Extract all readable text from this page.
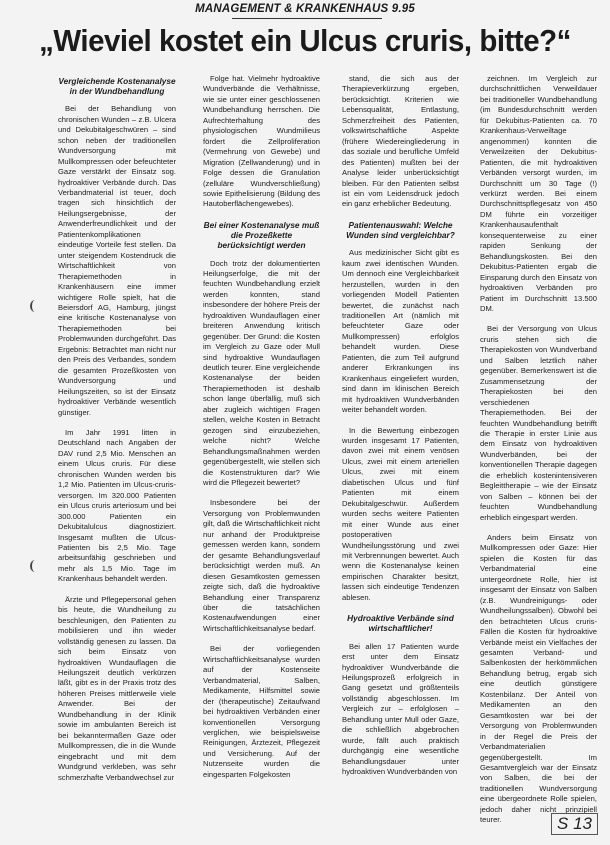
MANAGEMENT & KRANKENHAUS 9.95
„Wieviel kostet ein Ulcus cruris, bitte?“
Vergleichende Kostenanalyse in der Wundbehandlung

Bei der Behandlung von chronischen Wunden – z.B. Ulcera und Dekubitalgeschwüren – sind schon neben der traditionellen Wundversorgung mit Mullkompressen oder befeuchteter Gaze verstärkt der Einsatz sog. hydroaktiver Verbände durch. Das Verbandmaterial ist teuer, doch tragen sich hinsichtlich der Heilungsergebnisse, der Anwenderfreundlichkeit und der Patientenkomplikationen eindeutige Vorteile fest stellen. Da unter steigendem Kostendruck die Wirtschaftlichkeit von Therapiemethoden in Krankenhäusern eine immer wichtigere Rolle spielt, hat die Beiersdorf AG, Hamburg, jüngst eine kritische Kostenanalyse von Therapiemethoden bei Problemwunden durchgeführt. Das Ergebnis: Betrachtet man nicht nur den Preis des Verbandes, sondern die gesamten Prozeßkosten von Wundversorgung und Heilungszeiten, so ist der Einsatz hydroaktiver Verbände wesentlich günstiger.

Im Jahr 1991 litten in Deutschland nach Angaben der DAV rund 2,5 Mio. Menschen an einem Ulcus cruris. Für diese chronischen Wunden werden bis 1,2 Mio. Patienten im Ulcus-cruris-versorgen. Im 320.000 Patienten ein Ulcus cruris arteriosum und bei 300.000 Patienten ein Dekubitalulcus diagnostiziert. Insgesamt mußten die Ulcus-Patienten bis 2,5 Mio. Tage arbeitsunfähig geschrieben und mehr als 1,5 Mio. Tage im Krankenhaus behandelt werden.

Ärzte und Pflegepersonal gehen bis heute, die Wundheilung zu beschleunigen, den Patienten zu mobilisieren und ihn wieder vollständig genesen zu lassen. Da sich beim Einsatz von hydroaktiven Wundauflagen die Heilungszeit deutlich verkürzen läßt, gibt es in der Praxis trotz des höheren Preises mittlerweile viele Anwender. Bei der Wundbehandlung in der Klinik sowie im ambulanten Bereich ist bei bekanntermaßen Gaze oder Mullkompressen, die in die Wunde eingebracht und mit dem Wundgrund verkleben, was sehr schmerzhafte Verbandwechsel zur

Folge hat. Vielmehr hydroaktive Wundverbände die Verhältnisse, wie sie unter einer geschlossenen Wundbehandlung herrschen. Die Aufrechterhaltung des physiologischen Wundmilieus fördert die Zellproliferation (Vermehrung von Gewebe) und Migration (Zellwanderung) und in Folge dessen die Granulation (zelluläre Wundverschließung) sowie Epithelisierung (Bildung des Hautoberflächengewebes).

Bei einer Kostenanalyse muß die Prozeßkette berücksichtigt werden

Doch trotz der dokumentierten Heilungserfolge, die mit der feuchten Wundbehandlung erzielt werden konnten, stand insbesondere der höhere Preis der hydroaktiven Wundauflagen einer breiteren Anwendung kritisch gegenüber. Der Grund: die Kosten im Vergleich zu Gaze oder Mull sind hydroaktive Wundauflagen deutlich teurer. Eine vergleichende Kostenanalyse der beiden Therapiemethoden ist deshalb schon lange überfällig, muß sich aber zugleich wichtigen Fragen stellen, welche Kosten in Betracht gezogen sind einzubeziehen, welche nicht? Welche Behandlungsmaßnahmen werden gegenübergestellt, wie stellen sich die Kostenstrukturen dar? Wie wird die Pflegezeit bewertet?

Insbesondere bei der Versorgung von Problemwunden gilt, daß die Wirtschaftlichkeit nicht nur anhand der Produktpreise gemessen werden kann, sondern der gesamte Behandlungsverlauf berücksichtigt werden muß. An diesen Gesamtkosten gemessen zeigte sich, daß die hydroaktive Behandlung einer Transparenz über die tatsächlichen Kostenaufwendungen einer Wirtschaftlichkeitsanalyse bedarf.

Bei der vorliegenden Wirtschaftlichkeitsanalyse wurden auf der Kostenseite Verbandmaterial, Salben, Medikamente, Hilfsmittel sowie der (therapeutische) Zeitaufwand bei hydroaktiven Verbänden einer konventionellen Versorgung verglichen, wie beispielsweise Reinigungen, Ärztezeit, Pflegezeit und Versicherung. Auf der Nutzenseite wurden die eingesparten Folgekosten

stand, die sich aus der Therapieverkürzung ergeben, berücksichtigt. Kriterien wie Lebensqualität, Entlastung, Schmerzfreiheit des Patienten, volkswirtschaftliche Aspekte (frühere Wiedereingliederung in das soziale und berufliche Umfeld des Patienten) mußten bei der Analyse leider unberücksichtigt bleiben. Für den Patienten selbst ist ein vom Leidensdruck jedoch ein ganz erheblicher Bedeutung.

Patientenauswahl: Welche Wunden sind vergleichbar?

Aus medizinischer Sicht gibt es kaum zwei identischen Wunden. Um dennoch eine Vergleichbarkeit herzustellen, wurden in den vorliegenden Modell Patienten bewertet, die zunächst nach traditionellen Art (nämlich mit befeuchteter Gaze oder Mullkompressen) erfolglos behandelt wurden. Diese Patienten, die zum Teil aufgrund anderer Erkrankungen ins Krankenhaus eingeliefert wurden, sind dann im klinischen Bereich mit hydroaktiven Wundverbänden weiter behandelt worden.

In die Bewertung einbezogen wurden insgesamt 17 Patienten, davon zwei mit einem venösen Ulcus, zwei mit einem arteriellen Ulcus, zwei mit einem diabetischen Ulcus und fünf Patienten mit einem Dekubitalgeschwür. Außerdem wurden sechs weitere Patienten mit einer Wunde aus einer postoperativen Wundheilungsstörung und zwei mit Verbrennungen bewertet. Auch wenn die Kostenanalyse keinen empirischen Charakter besitzt, lassen sich eindeutige Tendenzen ablesen.

Hydroaktive Verbände sind wirtschaftlicher!

Bei allen 17 Patienten wurde erst unter dem Einsatz hydroaktiver Wundverbände die Heilungsprozeß erfolgreich in Gang gesetzt und größtenteils vollständig abgeschlossen. Im Vergleich zur – erfolglosen – Behandlung unter Mull oder Gaze, die schließlich abgebrochen wurde, fällt auch praktisch durchgängig eine wesentliche Behandlungsdauer unter hydroaktiven Wundverbänden von

zeichnen. Im Vergleich zur durchschnittlichen Verweildauer bei traditioneller Wundbehandlung (im Bundesdurchschnitt werden für Dekubitus-Patienten ca. 70 Krankenhaus-Verweiltage angenommen) konnten die Verweilzeiten der Dekubitus-Patienten, die mit hydroaktiven Verbänden versorgt wurden, im Durchschnitt um 30 Tage (!) verkürzt werden. Bei einem Durchschnittspflegesatz von 450 DM führte ein vorzeitiger Krankenhausaufenthalt konsequenterweise zu einer rapiden Senkung der Behandlungskosten. Bei den Dekubitus-Patienten ergab die Einsparung durch den Einsatz von hydroaktiven Verbänden pro Patient im Durchschnitt 13.500 DM.

Bei der Versorgung von Ulcus cruris stehen sich die Therapiekosten von Wundverband und Salben letztlich näher gegenüber. Bemerkenswert ist die Zusammensetzung der Therapiekosten bei den verschiedenen Therapiemethoden. Bei der feuchten Wundbehandlung betrifft die Therapie in erster Linie aus dem Einsatz von hydroaktiven Wundverbänden, bei der konventionellen Therapie dagegen die erheblich kostenintensiveren Begleittherapie – wie der Einsatz von Salben – können bei der feuchten Wundbehandlung erheblich eingespart werden.

Anders beim Einsatz von Mullkompressen oder Gaze: Hier spielen die Kosten für das Verbandmaterial eine untergeordnete Rolle, hier ist insgesamt der Einsatz von Salben (z.B. Wundreinigungs- oder Wundheilungssalben). Obwohl bei den betrachteten Ulcus cruris-Fällen die Kosten für hydroaktive Verbände meist ein Vielfaches der gesamten Verband- und Salbenkosten der herkömmlichen Behandlung betrug, ergab sich eine deutlich günstigere Kostenbilanz. Der Anteil von Medikamenten an den Gesamtkosten war bei der Versorgung von Problemwunden in der Regel die Preis der Verbandmaterialien gegenübergestellt. Im Gesamtvergleich war der Einsatz von Salben, die bei der traditionellen Wundversorgung eine übergeordnete Rolle spielen, jedoch daher nicht prinzipiell teurer.	S 13
